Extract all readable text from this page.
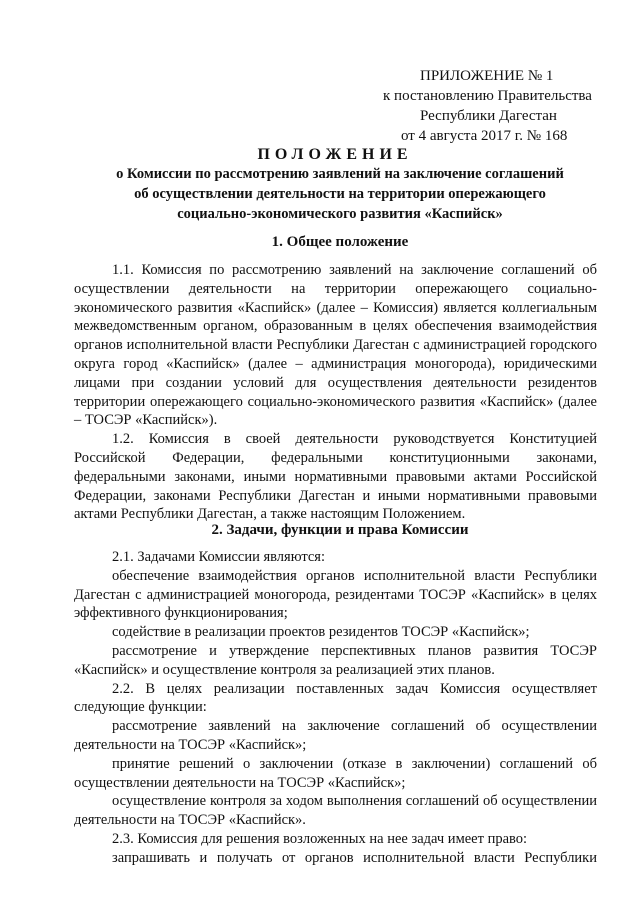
ПРИЛОЖЕНИЕ № 1
к постановлению Правительства
Республики Дагестан
от 4 августа 2017 г. № 168
ПОЛОЖЕНИЕ
о Комиссии по рассмотрению заявлений на заключение соглашений
об осуществлении деятельности на территории опережающего
социально-экономического развития «Каспийск»
1. Общее положение
1.1. Комиссия по рассмотрению заявлений на заключение соглашений об осуществлении деятельности на территории опережающего социально-экономического развития «Каспийск» (далее – Комиссия) является коллегиальным межведомственным органом, образованным в целях обеспечения взаимодействия органов исполнительной власти Республики Дагестан с администрацией городского округа город «Каспийск» (далее – администрация моногорода), юридическими лицами при создании условий для осуществления деятельности резидентов территории опережающего социально-экономического развития «Каспийск» (далее – ТОСЭР «Каспийск»).
1.2. Комиссия в своей деятельности руководствуется Конституцией Российской Федерации, федеральными конституционными законами, федеральными законами, иными нормативными правовыми актами Российской Федерации, законами Республики Дагестан и иными нормативными правовыми актами Республики Дагестан, а также настоящим Положением.
2. Задачи, функции и права Комиссии
2.1. Задачами Комиссии являются:
обеспечение взаимодействия органов исполнительной власти Республики Дагестан с администрацией моногорода, резидентами ТОСЭР «Каспийск» в целях эффективного функционирования;
содействие в реализации проектов резидентов ТОСЭР «Каспийск»;
рассмотрение и утверждение перспективных планов развития ТОСЭР «Каспийск» и осуществление контроля за реализацией этих планов.
2.2. В целях реализации поставленных задач Комиссия осуществляет следующие функции:
рассмотрение заявлений на заключение соглашений об осуществлении деятельности на ТОСЭР «Каспийск»;
принятие решений о заключении (отказе в заключении) соглашений об осуществлении деятельности на ТОСЭР «Каспийск»;
осуществление контроля за ходом выполнения соглашений об осуществлении деятельности на ТОСЭР «Каспийск».
2.3. Комиссия для решения возложенных на нее задач имеет право:
запрашивать и получать от органов исполнительной власти Республики
